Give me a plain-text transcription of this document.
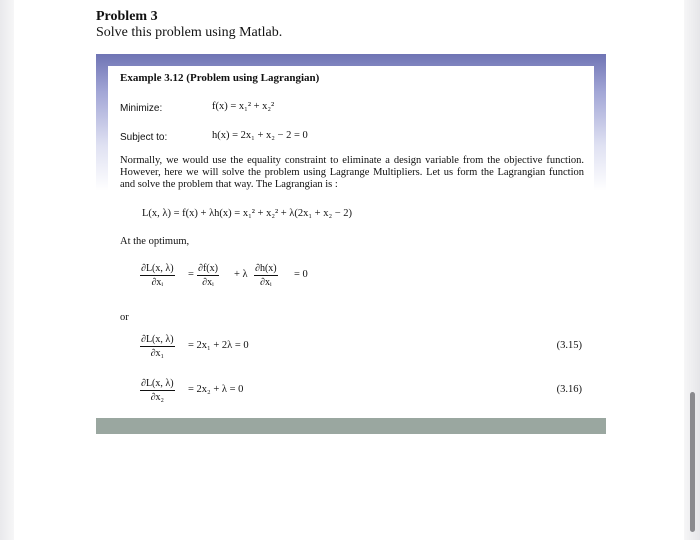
Problem 3
Solve this problem using Matlab.
Example 3.12 (Problem using Lagrangian)
Minimize:	f(x) = x₁² + x₂²
Subject to:	h(x) = 2x₁ + x₂ − 2 = 0
Normally, we would use the equality constraint to eliminate a design variable from the objective function. However, here we will solve the problem using Lagrange Multipliers. Let us form the Lagrangian function and solve the problem that way. The Lagrangian is :
L(x, λ) = f(x) + λh(x) = x₁² + x₂² + λ(2x₁ + x₂ − 2)
At the optimum,
$\frac{\partial L(x, \lambda)}{\text{∂xᵢ}} = \frac{\partial f(x)}{\text{∂xᵢ}} + \lambda \frac{\partial h(x)}{\text{∂xᵢ}} = 0$
or
$\frac{\partial L(x, \lambda)}{\text{∂x₁}} = 2x_1 + 2\lambda = 0$	(3.15)
$\frac{\partial L(x, \lambda)}{\text{∂x₂}} = 2x_2 + \lambda = 0$	(3.16)
